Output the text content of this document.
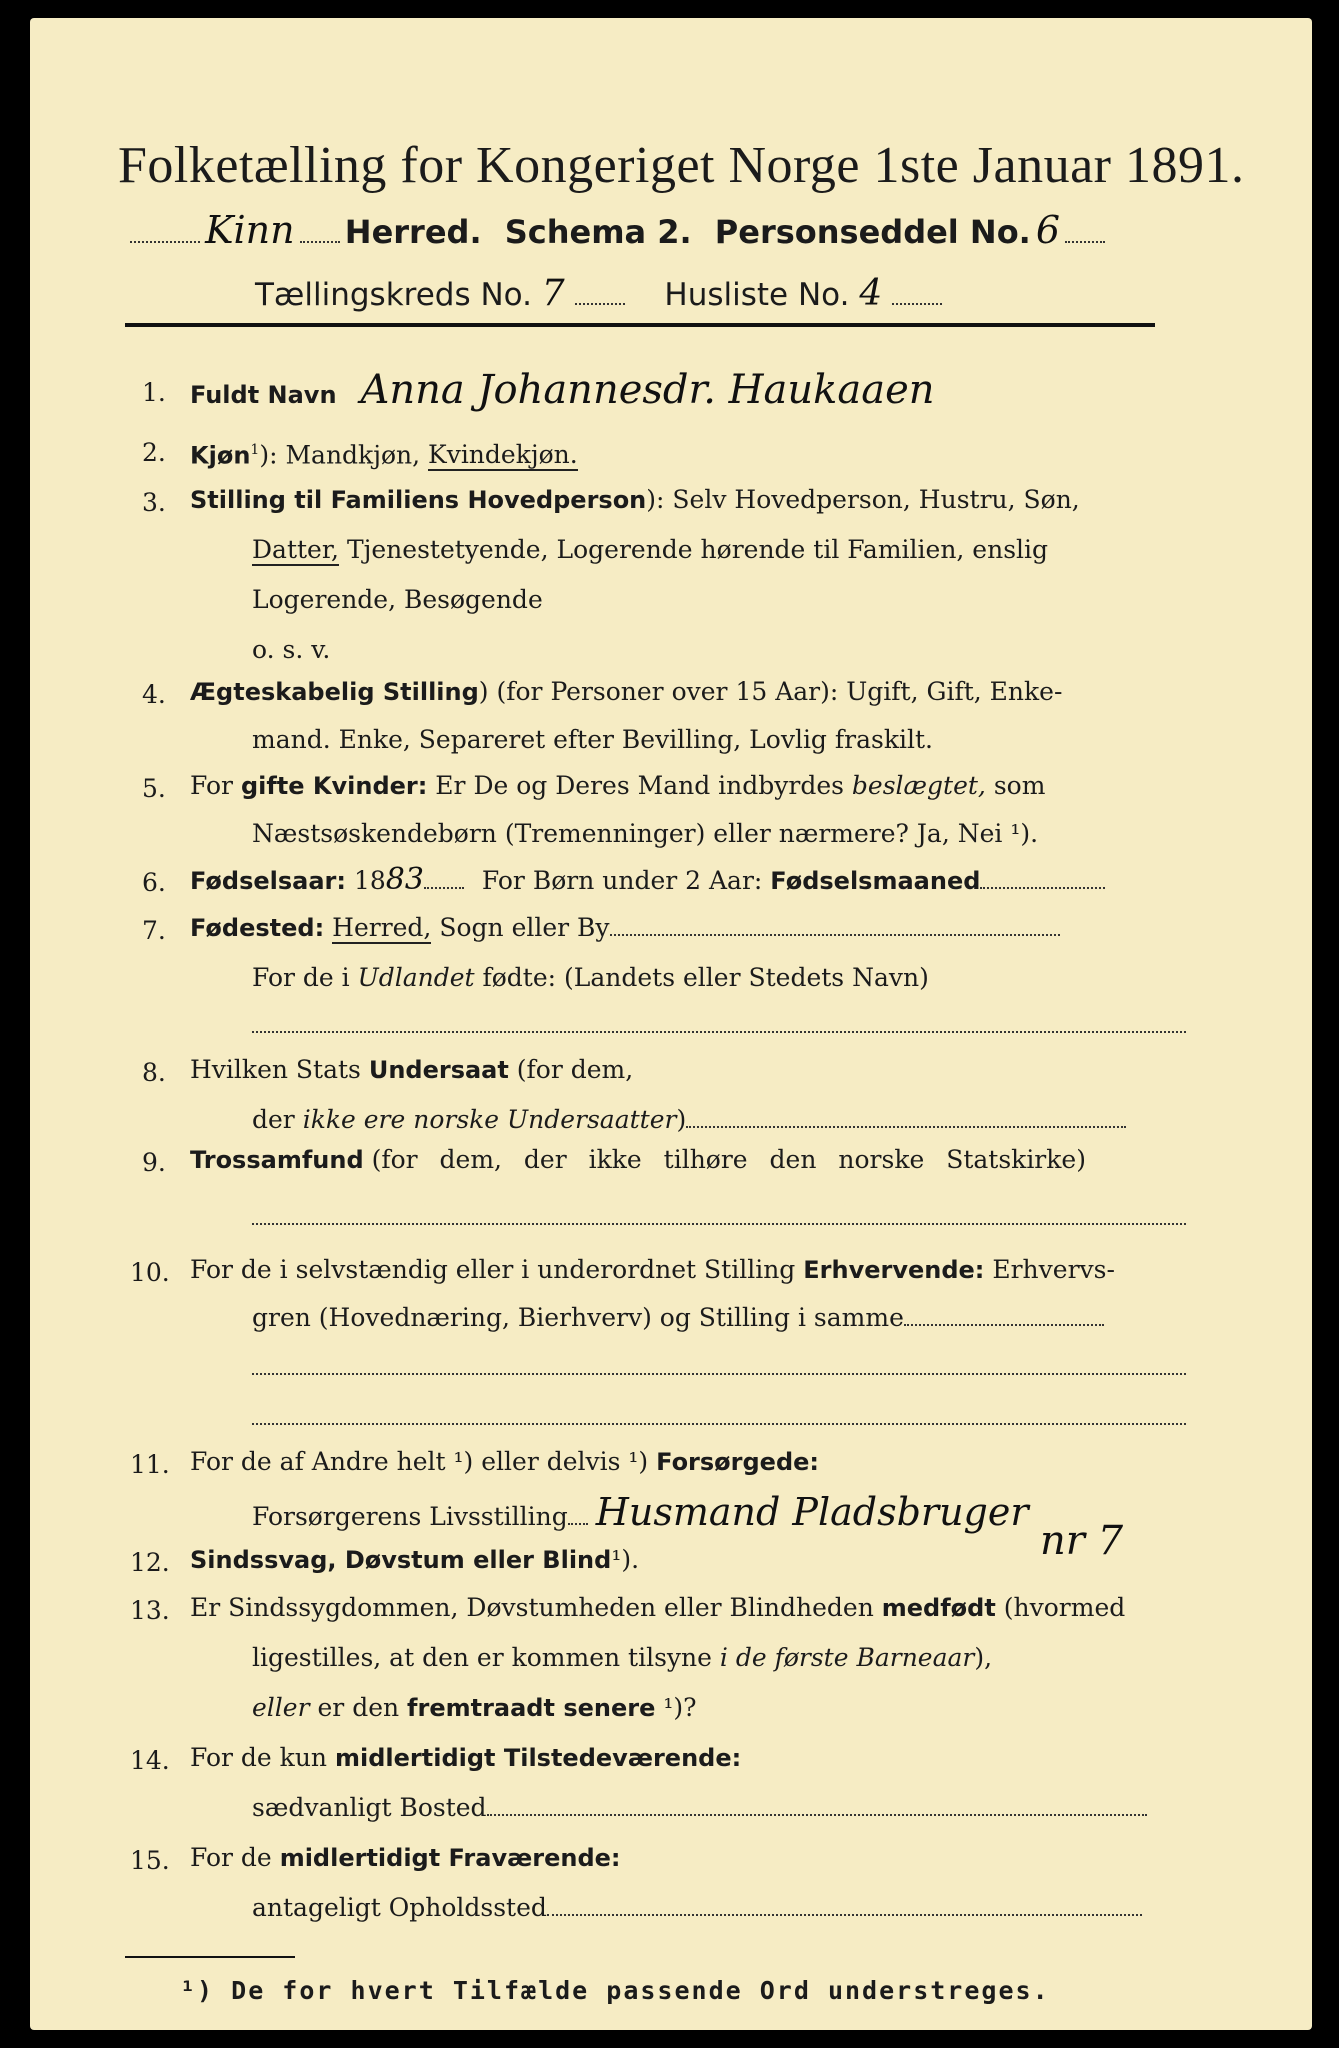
Folketælling for Kongeriget Norge 1ste Januar 1891.
Kinn Herred. Schema 2. Personseddel No. 6
Tællingskreds No. 7	Husliste No. 4
1. Fuldt Navn Anna Johannesdr. Haukaaen
2. Kjøn$^1$): Mandkjøn, Kvindekjøn.
3. Stilling til Familiens Hovedperson): Selv Hovedperson, Hustru, Søn,
Datter, Tjenestetyende, Logerende hørende til Familien, enslig
Logerende, Besøgende
o. s. v.
4. Ægteskabelig Stilling) (for Personer over 15 Aar): Ugift, Gift, Enke-
mand. Enke, Separeret efter Bevilling, Lovlig fraskilt.
5. For gifte Kvinder: Er De og Deres Mand indbyrdes beslægtet, som
Næstsøskendebørn (Tremenninger) eller nærmere? Ja, Nei ¹).
6. Fødselsaar: 1883 For Børn under 2 Aar: Fødselsmaaned
7. Fødested: Herred, Sogn eller By
For de i Udlandet fødte: (Landets eller Stedets Navn)
8. Hvilken Stats Undersaat (for dem,
der ikke ere norske Undersaatter)
9. Trossamfund (for dem, der ikke tilhøre den norske Statskirke)
10. For de i selvstændig eller i underordnet Stilling Erhvervende: Erhvervs-
gren (Hovednæring, Bierhverv) og Stilling i samme
11. For de af Andre helt ¹) eller delvis ¹) Forsørgede:
Forsørgerens Livsstilling Husmand Pladsbruger
12. Sindssvag, Døvstum eller Blind¹).	nr 7
13. Er Sindssygdommen, Døvstumheden eller Blindheden medfødt (hvormed
ligestilles, at den er kommen tilsyne i de første Barneaar),
eller er den fremtraadt senere ¹)?
14. For de kun midlertidigt Tilstedeværende:
sædvanligt Bosted
15. For de midlertidigt Fraværende:
antageligt Opholdssted
¹) De for hvert Tilfælde passende Ord understreges.
